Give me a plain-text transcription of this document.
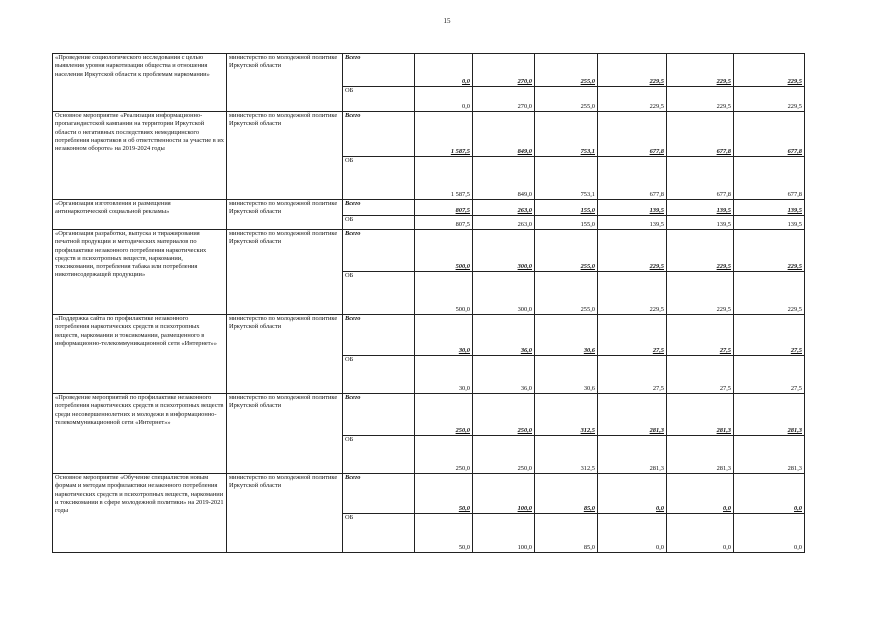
15
«Проведение социологического исследования с целью выявления уровня наркотизации общества и отношения населения Иркутской области к проблемам наркомании»	министерство по молодежной политике Иркутской области	Всего	0,0	270,0	255,0	229,5	229,5	229,5
		ОБ	0,0	270,0	255,0	229,5	229,5	229,5
Основное мероприятие «Реализация информационно-пропагандистской кампании на территории Иркутской области о негативных последствиях немедицинского потребления наркотиков и об ответственности за участие в их незаконном обороте» на 2019-2024 годы	министерство по молодежной политике Иркутской области	Всего	1 587,5	849,0	753,1	677,8	677,8	677,8
		ОБ	1 587,5	849,0	753,1	677,8	677,8	677,8
«Организация изготовления и размещения антинаркотической социальной рекламы»	министерство по молодежной политике Иркутской области	Всего	807,5	263,0	155,0	139,5	139,5	139,5
		ОБ	807,5	263,0	155,0	139,5	139,5	139,5
«Организация разработки, выпуска и тиражирования печатной продукции и методических материалов по профилактике незаконного потребления наркотических средств и психотропных веществ, наркомании, токсикомании, потребления табака или потребления никотинсодержащей продукции»	министерство по молодежной политике Иркутской области	Всего	500,0	300,0	255,0	229,5	229,5	229,5
		ОБ	500,0	300,0	255,0	229,5	229,5	229,5
«Поддержка сайта по профилактике незаконного потребления наркотических средств и психотропных веществ, наркомании и токсикомании, размещенного в информационно-телекоммуникационной сети «Интернет»»	министерство по молодежной политике Иркутской области	Всего	30,0	36,0	30,6	27,5	27,5	27,5
		ОБ	30,0	36,0	30,6	27,5	27,5	27,5
«Проведение мероприятий по профилактике незаконного потребления наркотических средств и психотропных веществ среди несовершеннолетних и молодежи в информационно-телекоммуникационной сети «Интернет»»	министерство по молодежной политике Иркутской области	Всего	250,0	250,0	312,5	281,3	281,3	281,3
		ОБ	250,0	250,0	312,5	281,3	281,3	281,3
Основное мероприятие «Обучение специалистов новым формам и методам профилактики незаконного потребления наркотических средств и психотропных веществ, наркомании и токсикомании в сфере молодежной политики» на 2019-2021 годы	министерство по молодежной политике Иркутской области	Всего	50,0	100,0	85,0	0,0	0,0	0,0
		ОБ	50,0	100,0	85,0	0,0	0,0	0,0
